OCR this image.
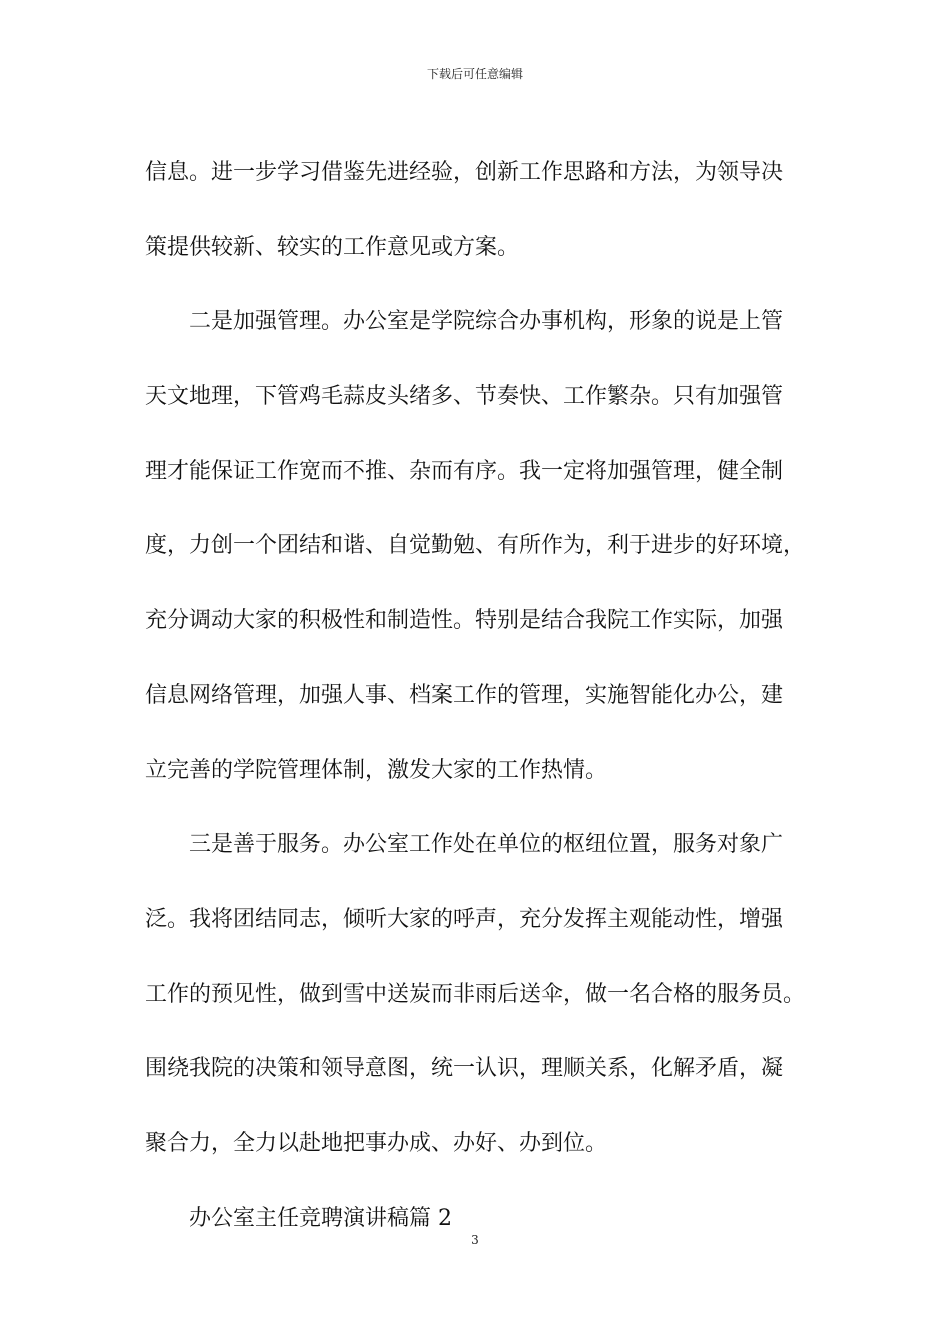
下载后可任意编辑
信息。进一步学习借鉴先进经验，创新工作思路和方法，为领导决
策提供较新、较实的工作意见或方案。
二是加强管理。办公室是学院综合办事机构，形象的说是上管
天文地理，下管鸡毛蒜皮头绪多、节奏快、工作繁杂。只有加强管
理才能保证工作宽而不推、杂而有序。我一定将加强管理，健全制
度，力创一个团结和谐、自觉勤勉、有所作为，利于进步的好环境，
充分调动大家的积极性和制造性。特别是结合我院工作实际，加强
信息网络管理，加强人事、档案工作的管理，实施智能化办公，建
立完善的学院管理体制，激发大家的工作热情。
三是善于服务。办公室工作处在单位的枢纽位置，服务对象广
泛。我将团结同志，倾听大家的呼声，充分发挥主观能动性，增强
工作的预见性，做到雪中送炭而非雨后送伞，做一名合格的服务员。
围绕我院的决策和领导意图，统一认识，理顺关系，化解矛盾，凝
聚合力，全力以赴地把事办成、办好、办到位。
办公室主任竞聘演讲稿篇 2
3
